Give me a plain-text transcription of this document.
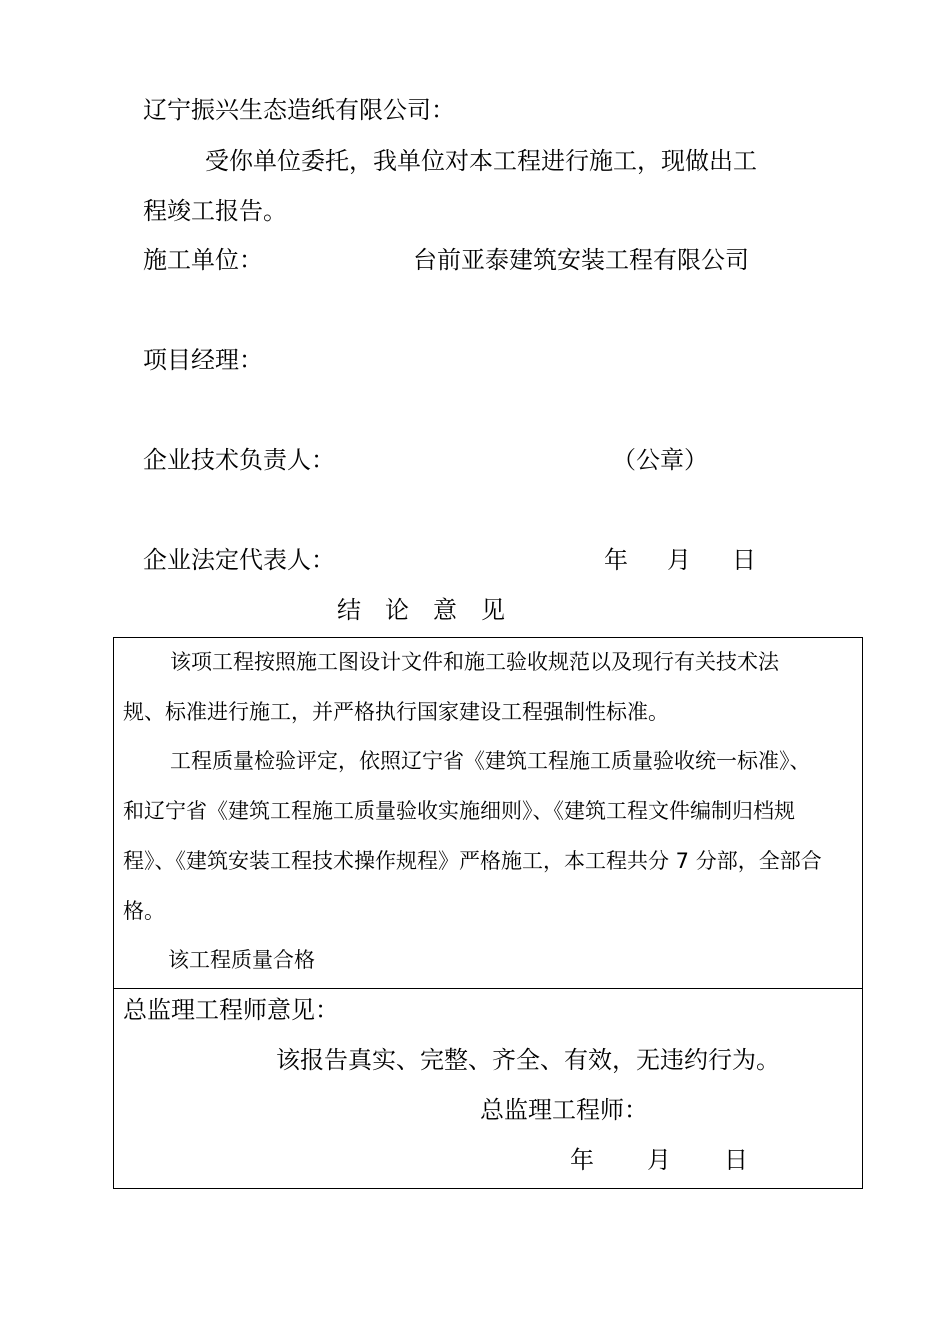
辽宁振兴生态造纸有限公司：
受你单位委托，我单位对本工程进行施工，现做出工
程竣工报告。
施工单位：	台前亚泰建筑安装工程有限公司
项目经理：
企业技术负责人：	（公章）
企业法定代表人：	年 月 日
结　论　意　见
该项工程按照施工图设计文件和施工验收规范以及现行有关技术法
规、标准进行施工，并严格执行国家建设工程强制性标准。
工程质量检验评定，依照辽宁省《建筑工程施工质量验收统一标准》、
和辽宁省《建筑工程施工质量验收实施细则》、《建筑工程文件编制归档规
程》、《建筑安装工程技术操作规程》严格施工，本工程共分 7 分部，全部合
格。
该工程质量合格
总监理工程师意见：
该报告真实、完整、齐全、有效，无违约行为。
总监理工程师：
年 月 日
